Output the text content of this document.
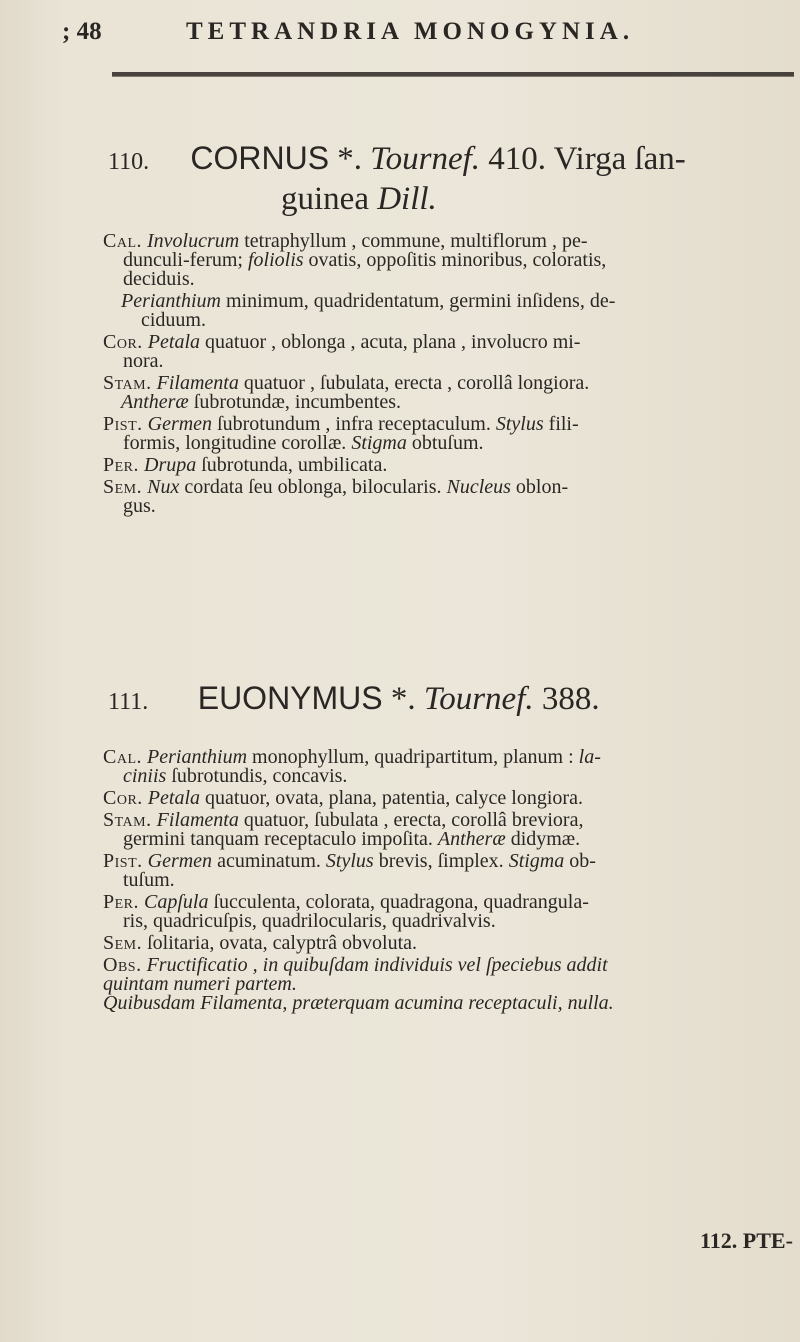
; 48	TETRANDRIA MONOGYNIA.
110. CORNUS *. Tournef. 410. Virga ſan-
guinea Dill.

Cal. Involucrum tetraphyllum , commune, multiflorum , pe-
dunculi-ferum; foliolis ovatis, oppoſitis minoribus, coloratis,
deciduis.

Perianthium minimum, quadridentatum, germini inſidens, de-
ciduum.

Cor. Petala quatuor , oblonga , acuta, plana , involucro mi-
nora.

Stam. Filamenta quatuor , ſubulata, erecta , corollâ longiora.

Antheræ ſubrotundæ, incumbentes.

Pist. Germen ſubrotundum , infra receptaculum. Stylus fili-
formis, longitudine corollæ. Stigma obtuſum.

Per. Drupa ſubrotunda, umbilicata.

Sem. Nux cordata ſeu oblonga, bilocularis. Nucleus oblon-
gus.

111. EUONYMUS *. Tournef. 388.

Cal. Perianthium monophyllum, quadripartitum, planum : la-
ciniis ſubrotundis, concavis.

Cor. Petala quatuor, ovata, plana, patentia, calyce longiora.

Stam. Filamenta quatuor, ſubulata , erecta, corollâ breviora,
germini tanquam receptaculo impoſita. Antheræ didymæ.

Pist. Germen acuminatum. Stylus brevis, ſimplex. Stigma ob-
tuſum.

Per. Capſula ſucculenta, colorata, quadragona, quadrangula-
ris, quadricuſpis, quadrilocularis, quadrivalvis.

Sem. ſolitaria, ovata, calyptrâ obvoluta.

Obs. Fructificatio , in quibuſdam individuis vel ſpeciebus addit
quintam numeri partem.
Quibusdam Filamenta, præterquam acumina receptaculi, nulla.

112. PTE-
